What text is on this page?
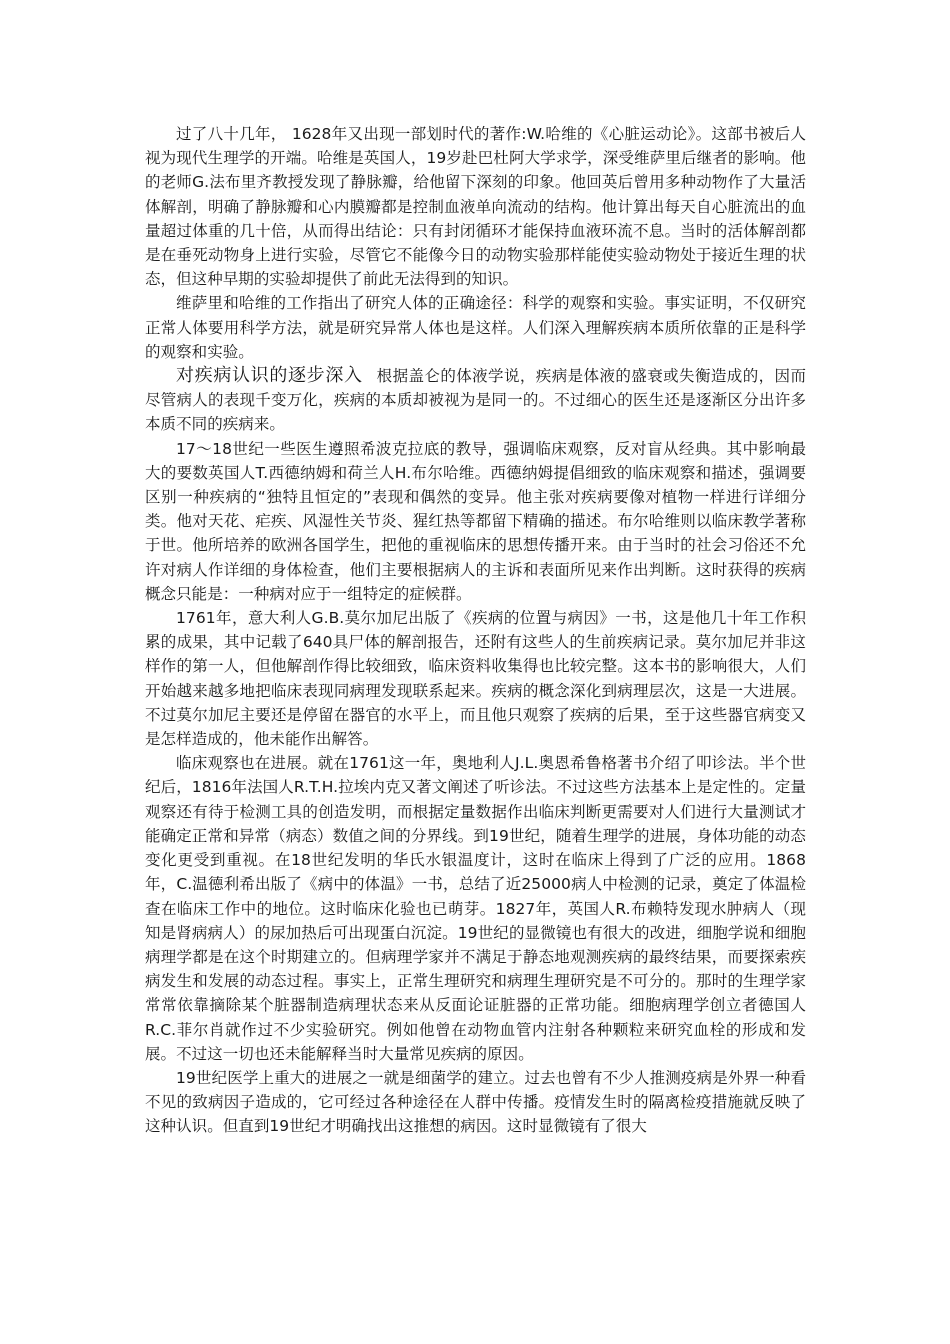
过了八十几年， 1628年又出现一部划时代的著作:W.哈维的《心脏运动论》。这部书被后人视为现代生理学的开端。哈维是英国人，19岁赴巴杜阿大学求学，深受维萨里后继者的影响。他的老师G.法布里齐教授发现了静脉瓣，给他留下深刻的印象。他回英后曾用多种动物作了大量活体解剖，明确了静脉瓣和心内膜瓣都是控制血液单向流动的结构。他计算出每天自心脏流出的血量超过体重的几十倍，从而得出结论：只有封闭循环才能保持血液环流不息。当时的活体解剖都是在垂死动物身上进行实验，尽管它不能像今日的动物实验那样能使实验动物处于接近生理的状态，但这种早期的实验却提供了前此无法得到的知识。

维萨里和哈维的工作指出了研究人体的正确途径：科学的观察和实验。事实证明，不仅研究正常人体要用科学方法，就是研究异常人体也是这样。人们深入理解疾病本质所依靠的正是科学的观察和实验。

对疾病认识的逐步深入 根据盖仑的体液学说，疾病是体液的盛衰或失衡造成的，因而尽管病人的表现千变万化，疾病的本质却被视为是同一的。不过细心的医生还是逐渐区分出许多本质不同的疾病来。

17～18世纪一些医生遵照希波克拉底的教导，强调临床观察，反对盲从经典。其中影响最大的要数英国人T.西德纳姆和荷兰人H.布尔哈维。西德纳姆提倡细致的临床观察和描述，强调要区别一种疾病的“独特且恒定的”表现和偶然的变异。他主张对疾病要像对植物一样进行详细分类。他对天花、疟疾、风湿性关节炎、猩红热等都留下精确的描述。布尔哈维则以临床教学著称于世。他所培养的欧洲各国学生，把他的重视临床的思想传播开来。由于当时的社会习俗还不允许对病人作详细的身体检查，他们主要根据病人的主诉和表面所见来作出判断。这时获得的疾病概念只能是：一种病对应于一组特定的症候群。

1761年，意大利人G.B.莫尔加尼出版了《疾病的位置与病因》一书，这是他几十年工作积累的成果，其中记载了640具尸体的解剖报告，还附有这些人的生前疾病记录。莫尔加尼并非这样作的第一人，但他解剖作得比较细致，临床资料收集得也比较完整。这本书的影响很大，人们开始越来越多地把临床表现同病理发现联系起来。疾病的概念深化到病理层次，这是一大进展。不过莫尔加尼主要还是停留在器官的水平上，而且他只观察了疾病的后果，至于这些器官病变又是怎样造成的，他未能作出解答。

临床观察也在进展。就在1761这一年，奥地利人J.L.奥恩希鲁格著书介绍了叩诊法。半个世纪后，1816年法国人R.T.H.拉埃内克又著文阐述了听诊法。不过这些方法基本上是定性的。定量观察还有待于检测工具的创造发明，而根据定量数据作出临床判断更需要对人们进行大量测试才能确定正常和异常（病态）数值之间的分界线。到19世纪，随着生理学的进展，身体功能的动态变化更受到重视。在18世纪发明的华氏水银温度计，这时在临床上得到了广泛的应用。1868年，C.温德利希出版了《病中的体温》一书，总结了近25000病人中检测的记录，奠定了体温检查在临床工作中的地位。这时临床化验也已萌芽。1827年，英国人R.布赖特发现水肿病人（现知是肾病病人）的尿加热后可出现蛋白沉淀。19世纪的显微镜也有很大的改进，细胞学说和细胞病理学都是在这个时期建立的。但病理学家并不满足于静态地观测疾病的最终结果，而要探索疾病发生和发展的动态过程。事实上，正常生理研究和病理生理研究是不可分的。那时的生理学家常常依靠摘除某个脏器制造病理状态来从反面论证脏器的正常功能。细胞病理学创立者德国人R.C.菲尔肖就作过不少实验研究。例如他曾在动物血管内注射各种颗粒来研究血栓的形成和发展。不过这一切也还未能解释当时大量常见疾病的原因。

19世纪医学上重大的进展之一就是细菌学的建立。过去也曾有不少人推测疫病是外界一种看不见的致病因子造成的，它可经过各种途径在人群中传播。疫情发生时的隔离检疫措施就反映了这种认识。但直到19世纪才明确找出这推想的病因。这时显微镜有了很大
